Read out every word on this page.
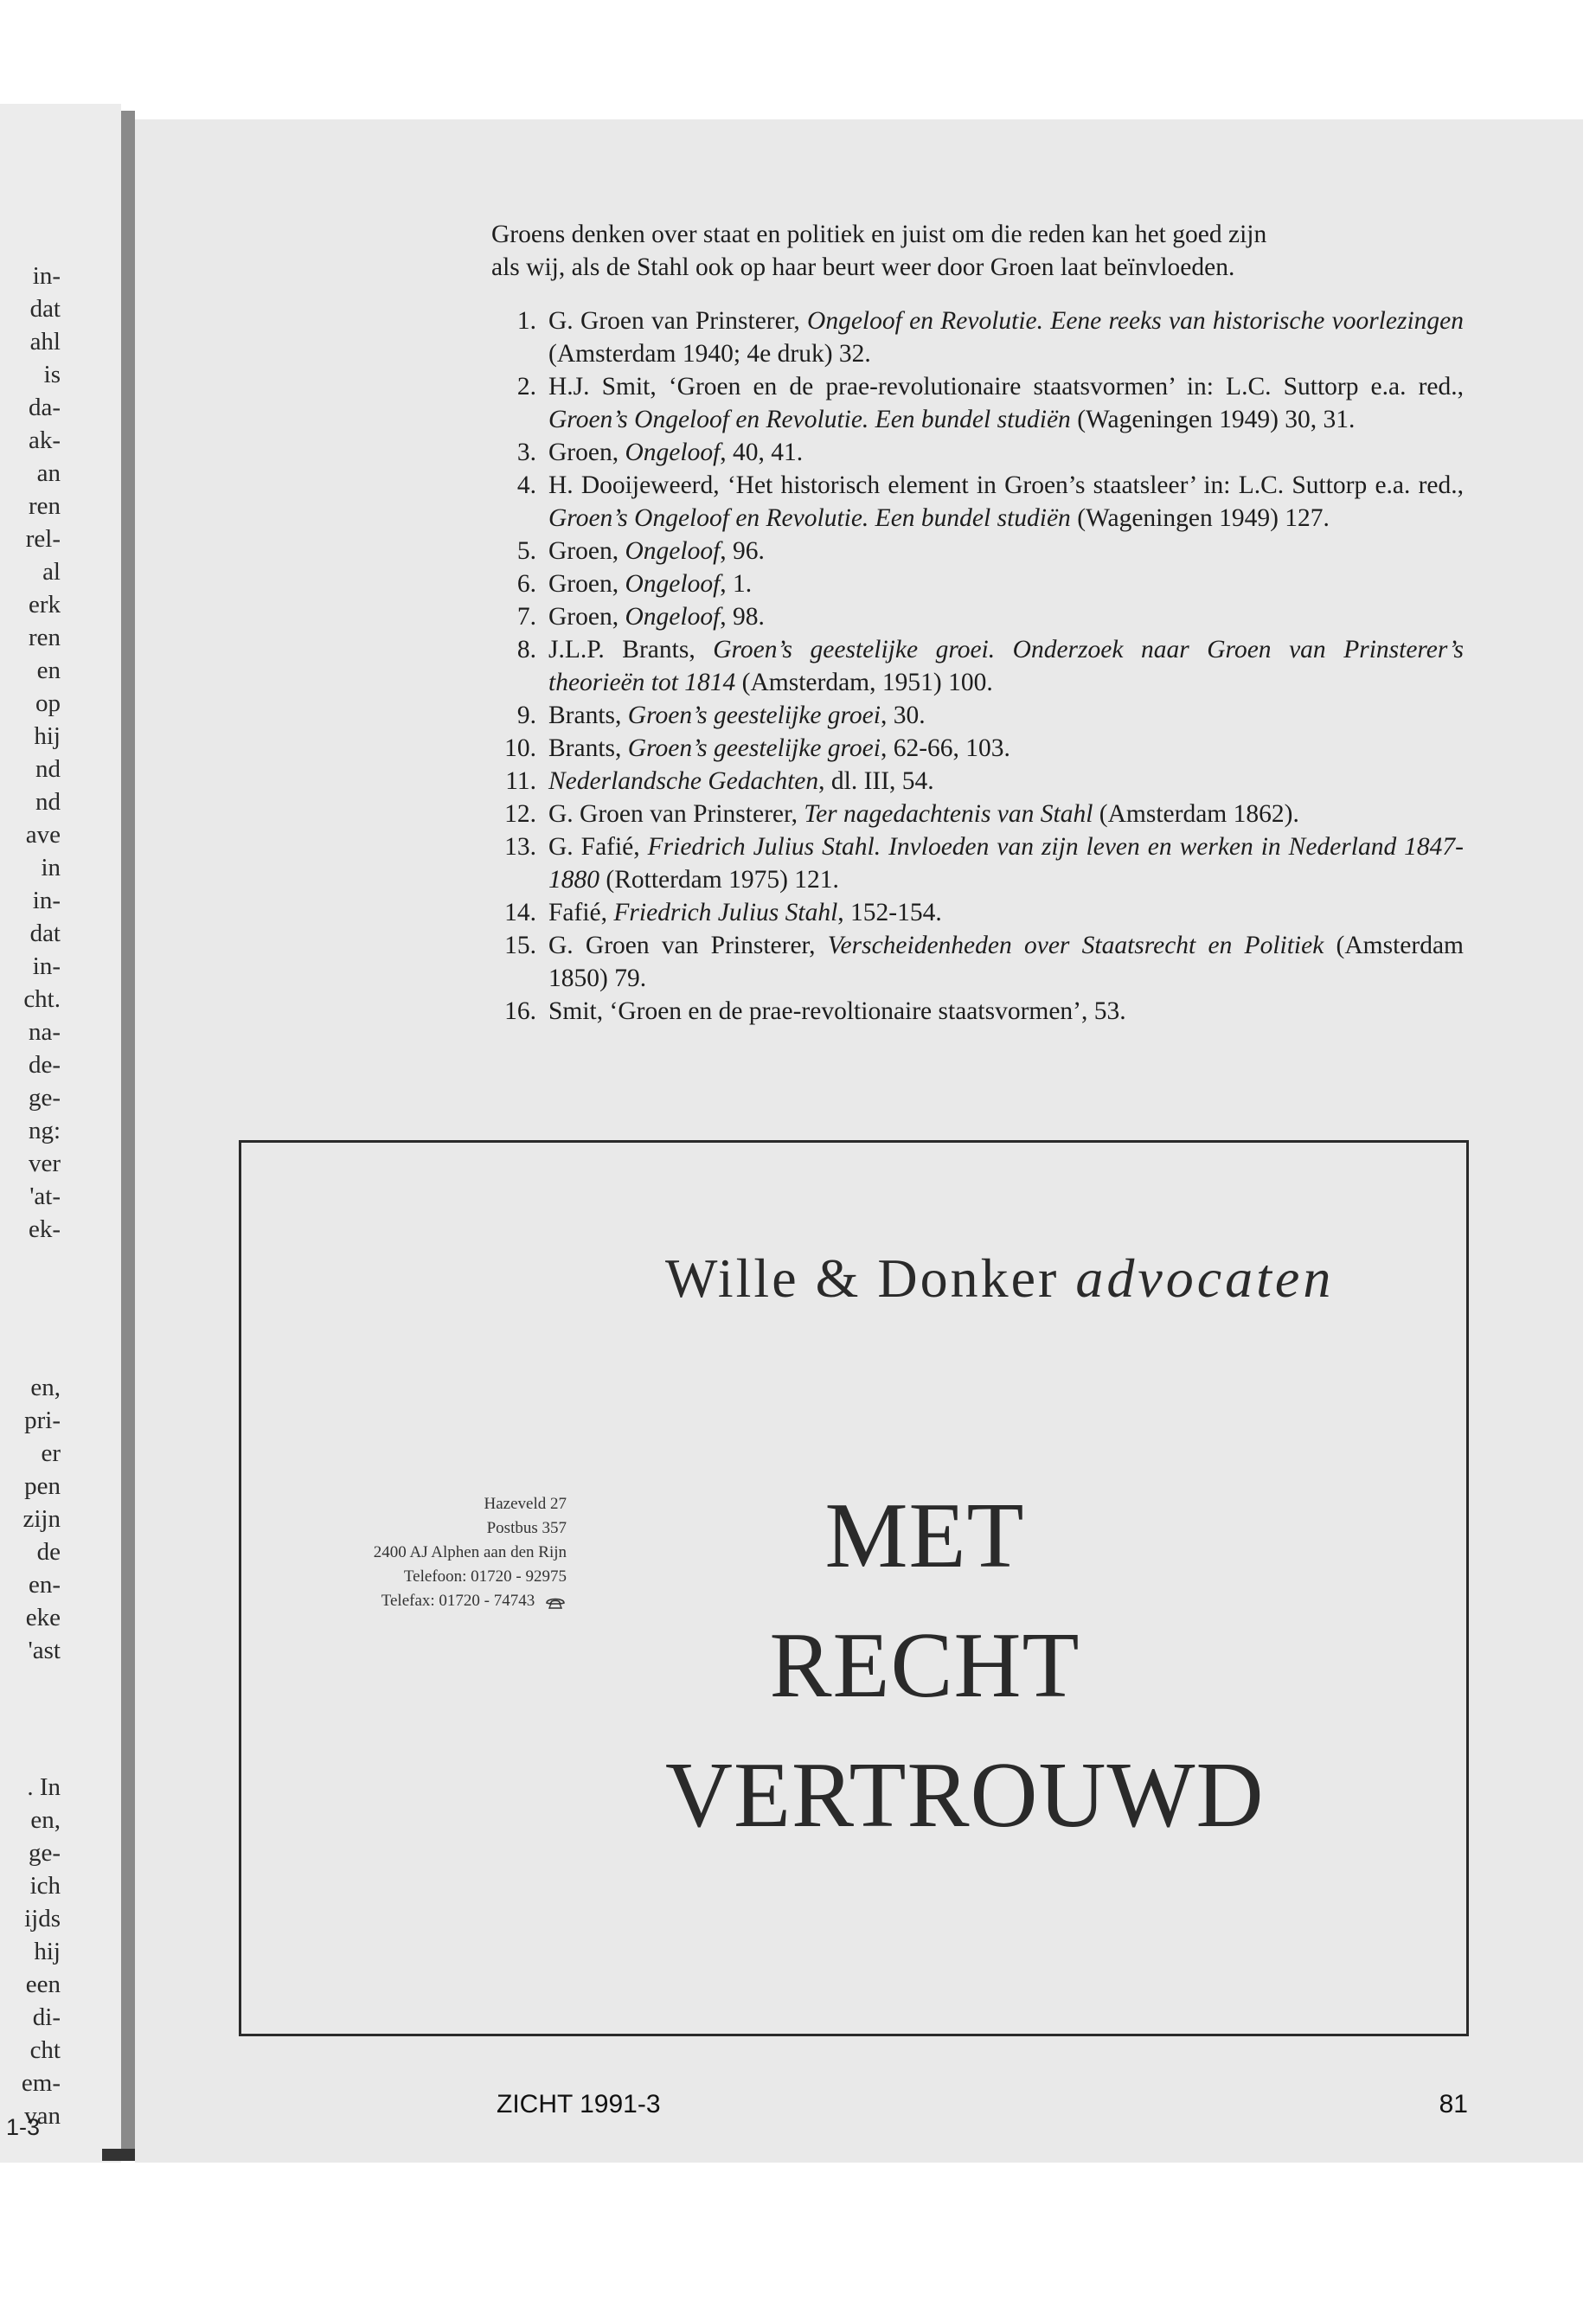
in-
dat
ahl
is
da-
ak-
an
ren
rel-
al
erk
ren
en
op
hij
nd
nd
ave
in
in-
dat
in-
cht.
na-
de-
ge-
ng:
ver
'at-
ek-
en,
pri-
er
pen
zijn
de
en-
eke
'ast
. In
en,
ge-
ich
ijds
hij
een
di-
cht
em-
van
1-3

Groens denken over staat en politiek en juist om die reden kan het goed zijn

als wij, als de Stahl ook op haar beurt weer door Groen laat beïnvloeden.

1. G. Groen van Prinsterer, Ongeloof en Revolutie. Eene reeks van historische voorlezingen (Amsterdam 1940; 4e druk) 32.
2. H.J. Smit, ‘Groen en de prae-revolutionaire staatsvormen’ in: L.C. Suttorp e.a. red., Groen’s Ongeloof en Revolutie. Een bundel studiën (Wageningen 1949) 30, 31.
3. Groen, Ongeloof, 40, 41.
4. H. Dooijeweerd, ‘Het historisch element in Groen’s staatsleer’ in: L.C. Suttorp e.a. red., Groen’s Ongeloof en Revolutie. Een bundel studiën (Wageningen 1949) 127.
5. Groen, Ongeloof, 96.
6. Groen, Ongeloof, 1.
7. Groen, Ongeloof, 98.
8. J.L.P. Brants, Groen’s geestelijke groei. Onderzoek naar Groen van Prinsterer’s theorieën tot 1814 (Amsterdam, 1951) 100.
9. Brants, Groen’s geestelijke groei, 30.
10. Brants, Groen’s geestelijke groei, 62-66, 103.
11. Nederlandsche Gedachten, dl. III, 54.
12. G. Groen van Prinsterer, Ter nagedachtenis van Stahl (Amsterdam 1862).
13. G. Fafié, Friedrich Julius Stahl. Invloeden van zijn leven en werken in Nederland 1847-1880 (Rotterdam 1975) 121.
14. Fafié, Friedrich Julius Stahl, 152-154.
15. G. Groen van Prinsterer, Verscheidenheden over Staatsrecht en Politiek (Amsterdam 1850) 79.
16. Smit, ‘Groen en de prae-revoltionaire staatsvormen’, 53.
Wille & Donker advocaten
Hazeveld 27
Postbus 357
2400 AJ Alphen aan den Rijn
Telefoon: 01720 - 92975
Telefax: 01720 - 74743
MET RECHT
VERTROUWD
ZICHT 1991-3	81
